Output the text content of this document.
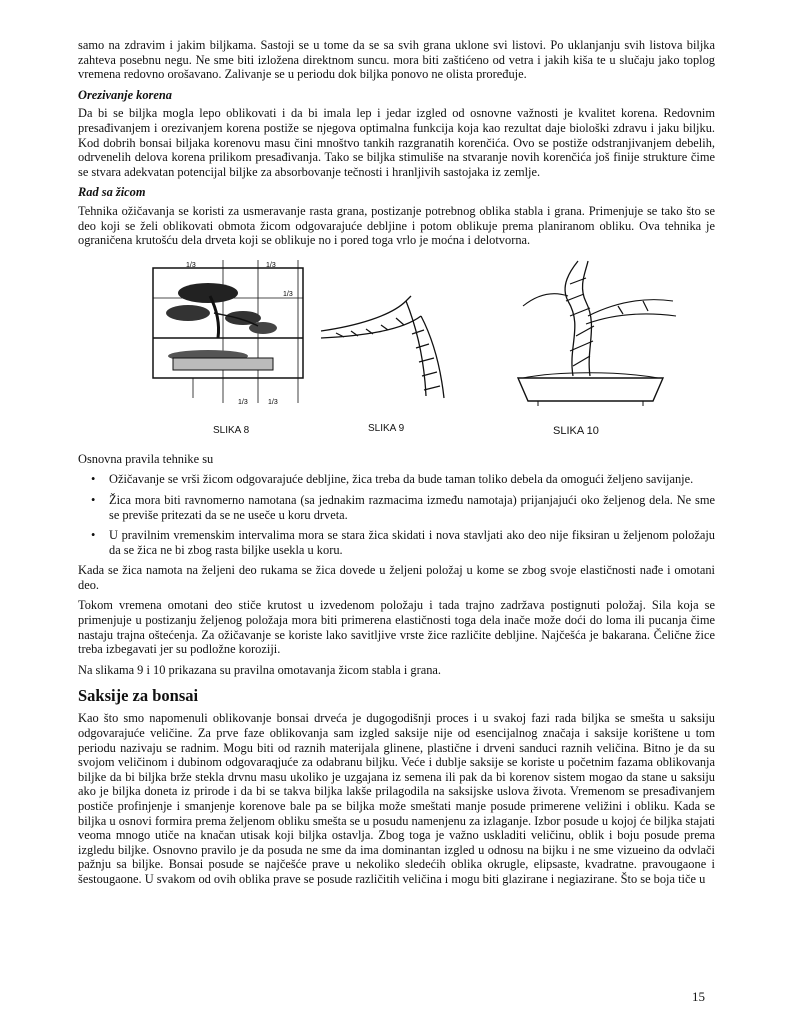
samo na zdravim i jakim biljkama. Sastoji se u tome da se sa svih grana uklone svi listovi. Po uklanjanju svih listova biljka zahteva posebnu negu. Ne sme biti izložena direktnom suncu. mora biti zaštićeno od vetra i jakih kiša te u slučaju jako toplog vremena redovno orošavano. Zalivanje se u periodu dok biljka ponovo ne olista proređuje.

Orezivanje korena

Da bi se biljka mogla lepo oblikovati i da bi imala lep i jedar izgled od osnovne važnosti je kvalitet korena. Redovnim presađivanjem i orezivanjem korena postiže se njegova optimalna funkcija koja kao rezultat daje biološki zdravu i jaku biljku. Kod dobrih bonsai biljaka korenovu masu čini mnoštvo tankih razgranatih korenčića. Ovo se postiže odstranjivanjem debelih, odrvenelih delova korena prilikom presađivanja. Tako se biljka stimuliše na stvaranje novih korenčića još finije strukture čime se stvara adekvatan potencijal biljke za absorbovanje tečnosti i hranljivih sastojaka iz zemlje.

Rad sa žicom

Tehnika ožičavanja se koristi za usmeravanje rasta grana, postizanje potrebnog oblika stabla i grana. Primenjuje se tako što se deo koji se želi oblikovati obmota žicom odgovarajuće debljine i potom oblikuje prema planiranom obliku. Ova tehnika je ograničena krutošću dela drveta koji se oblikuje no i pored toga vrlo je moćna i delotvorna.

1/3	1/3
1/3
1/3	1/3
SLIKA 8	SLIKA 9	SLIKA 10

Osnovna pravila tehnike su

• Ožičavanje se vrši žicom odgovarajuće debljine, žica treba da bude taman toliko debela da omogući željeno savijanje.
• Žica mora biti ravnomerno namotana (sa jednakim razmacima između namotaja) prijanjajući oko željenog dela. Ne sme se previše pritezati da se ne useče u koru drveta.
• U pravilnim vremenskim intervalima mora se stara žica skidati i nova stavljati ako deo nije fiksiran u željenom položaju da se žica ne bi zbog rasta biljke usekla u koru.

Kada se žica namota na željeni deo rukama se žica dovede u željeni položaj u kome se zbog svoje elastičnosti nađe i omotani deo.

Tokom vremena omotani deo stiče krutost u izvedenom položaju i tada trajno zadržava postignuti položaj. Sila koja se primenjuje u postizanju željenog položaja mora biti primerena elastičnosti toga dela inače može doći do loma ili pucanja čime nastaju trajna oštećenja. Za ožičavanje se koriste lako savitljive vrste žice različite debljine. Najčešća je bakarana. Čelične žice treba izbegavati jer su podložne koroziji.

Na slikama 9 i 10 prikazana su pravilna omotavanja žicom stabla i grana.

Saksije za bonsai

Kao što smo napomenuli oblikovanje bonsai drveća je dugogodišnji proces i u svakoj fazi rada biljka se smešta u saksiju odgovarajuće veličine. Za prve faze oblikovanja sam izgled saksije nije od esencijalnog značaja i saksije korištene u tom periodu nazivaju se radnim. Mogu biti od raznih materijala glinene, plastične i drveni sanduci raznih veličina. Bitno je da su svojom veličinom i dubinom odgovaraqjuće za odabranu biljku. Veće i dublje saksije se koriste u početnim fazama oblikovanja biljke da bi biljka brže stekla drvnu masu ukoliko je uzgajana iz semena ili pak da bi korenov sistem mogao da stane u saksiju ako je biljka doneta iz prirode i da bi se takva biljka lakše prilagodila na saksijske uslova života. Vremenom se presađivanjem postiče profinjenje i smanjenje korenove bale pa se biljka može smeštati manje posude primerene veližini i obliku. Kada se biljka u osnovi formira prema željenom obliku smešta se u posudu namenjenu za izlaganje. Izbor posude u kojoj će biljka stajati veoma mnogo utiče na knačan utisak koji biljka ostavlja. Zbog toga je važno uskladiti veličinu, oblik i boju posude prema izgledu biljke. Osnovno pravilo je da posuda ne sme da ima dominantan izgled u odnosu na bijku i ne sme vizueino da odvlači pažnju sa biljke. Bonsai posude se najčešće prave u nekoliko sledećih oblika okrugle, elipsaste, kvadratne. pravougaone i šestougaone. U svakom od ovih oblika prave se posude različitih veličina i mogu biti glazirane i negiazirane. Što se boja tiče u

15
